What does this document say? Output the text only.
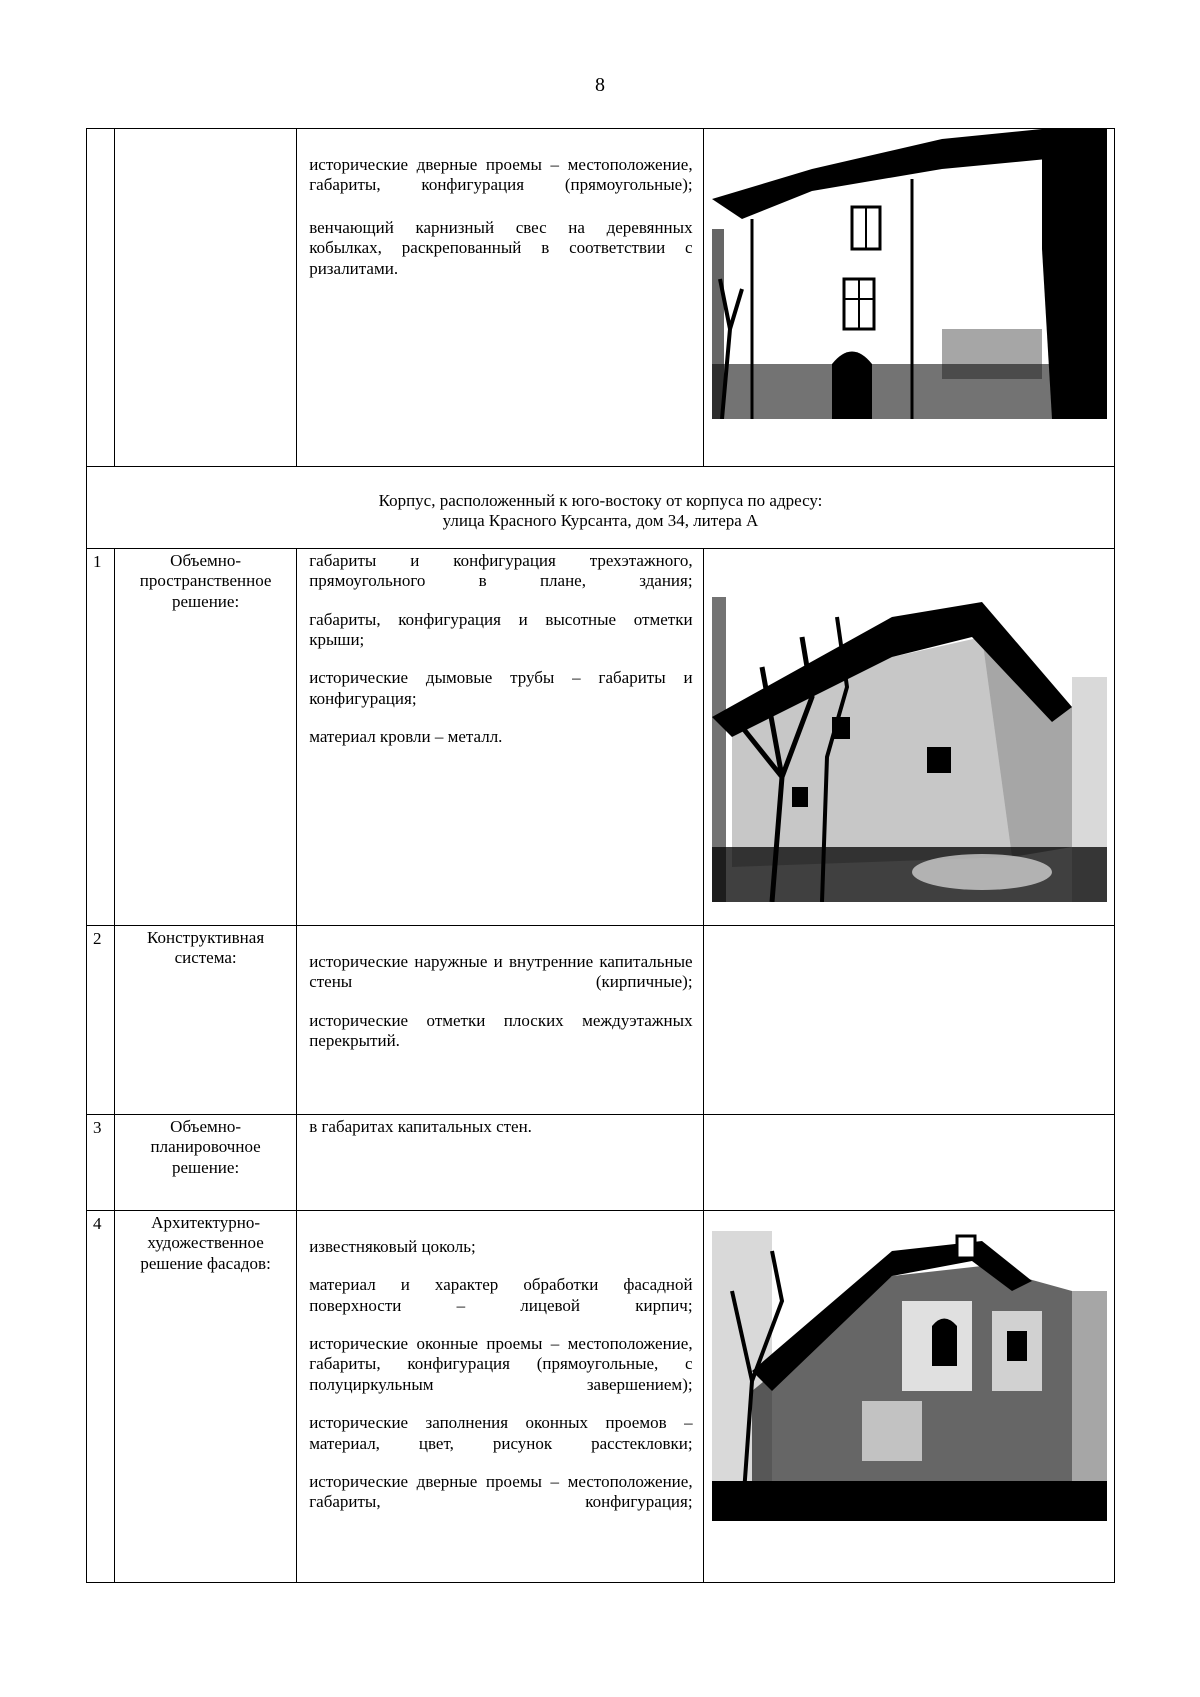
8

		исторические дверные проемы – местоположение, габариты, конфигурация (прямоугольные);

венчающий карнизный свес на деревянных кобылках, раскрепованный в соответствии с ризалитами.

Корпус, расположенный к юго-востоку от корпуса по адресу:
улица Красного Курсанта, дом 34, литера А			

1	Объемно-пространственное решение:	габариты и конфигурация трехэтажного, прямоугольного в плане, здания;

габариты, конфигурация и высотные отметки крыши;

исторические дымовые трубы – габариты и конфигурация;

материал кровли – металл.

2	Конструктивная система:	исторические наружные и внутренние капитальные стены (кирпичные);

исторические отметки плоских междуэтажных перекрытий.	

3	Объемно-планировочное решение:	в габаритах капитальных стен.	

4	Архитектурно-художественное решение фасадов:	известняковый цоколь;

материал и характер обработки фасадной поверхности – лицевой кирпич;

исторические оконные проемы – местоположение, габариты, конфигурация (прямоугольные, с полуциркульным завершением);

исторические заполнения оконных проемов – материал, цвет, рисунок расстекловки;

исторические дверные проемы – местоположение, габариты, конфигурация;
